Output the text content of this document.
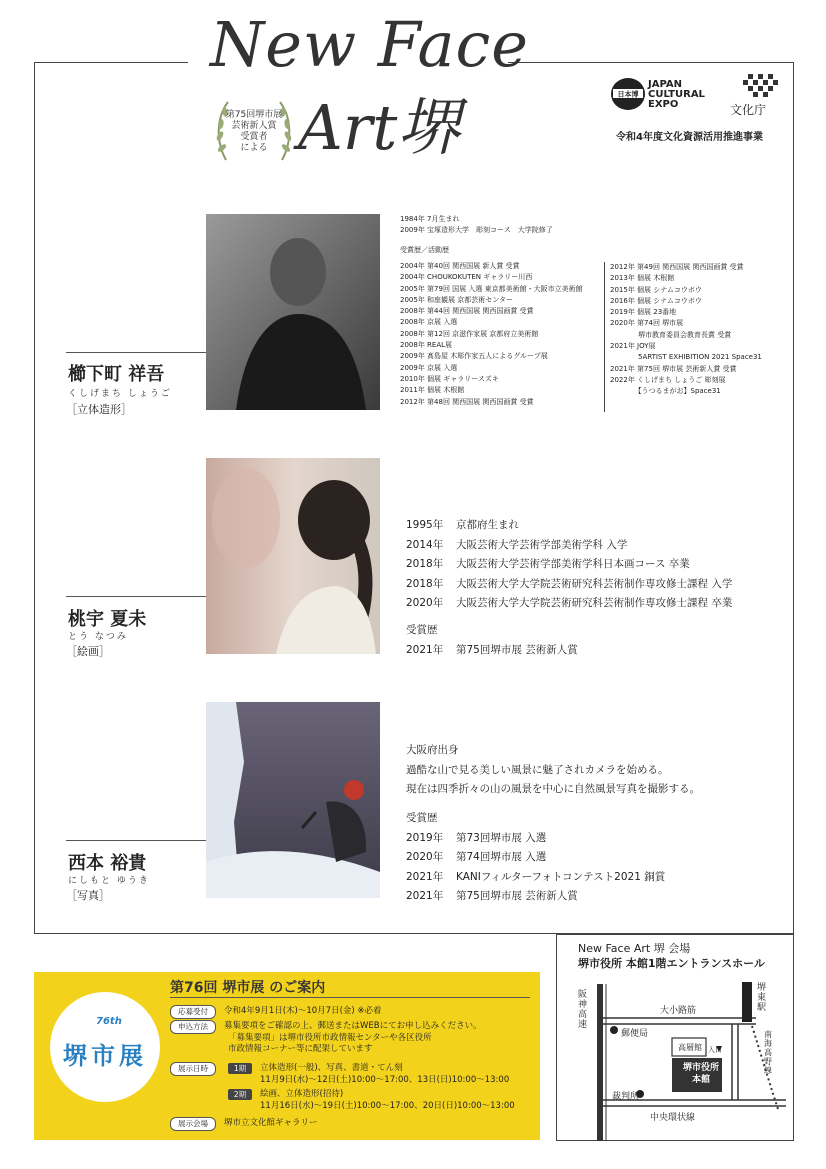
New Face
Art堺
第75回堺市展
芸術新人賞
受賞者
による
日本博
JAPAN
CULTURAL
EXPO	文化庁
令和4年度文化資源活用推進事業
櫛下町 祥吾
くしげまち しょうご
［立体造形］
1984年 7月生まれ
2009年 宝塚造形大学　彫刻コース　大学院修了
受賞歴／活動歴
2004年 第40回 関西国展 新人賞 受賞
2004年 CHOUKOKUTEN ギャラリー川西
2005年 第79回 国展 入選 東京都美術館・大阪市立美術館
2005年 和座観展 京都芸術センター
2008年 第44回 関西国展 関西国画賞 受賞
2008年 京展 入選
2008年 第12回 京滋作家展 京都府立美術館
2008年 REAL展
2009年 髙島屋 木彫作家五人によるグループ展
2009年 京展 入選
2010年 個展 ギャラリースズキ
2011年 個展 木根館
2012年 第48回 関西国展 関西国画賞 受賞
2012年 第49回 関西国展 関西国画賞 受賞
2013年 個展 木根館
2015年 個展 シナムコウボウ
2016年 個展 シナムコウボウ
2019年 個展 23番地
2020年 第74回 堺市展
　　　　堺市教育委員会教育長賞 受賞
2021年 JOY展
　　　　5ARTIST EXHIBITION 2021 Space31
2021年 第75回 堺市展 芸術新人賞 受賞
2022年 くしげまち しょうご 彫刻展
　　　　【うつるまがお】Space31
桃宇 夏未
とう なつみ
［絵画］
1995年 京都府生まれ
2014年 大阪芸術大学芸術学部美術学科 入学
2018年 大阪芸術大学芸術学部美術学科日本画コース 卒業
2018年 大阪芸術大学大学院芸術研究科芸術制作専攻修士課程 入学
2020年 大阪芸術大学大学院芸術研究科芸術制作専攻修士課程 卒業
受賞歴
2021年 第75回堺市展 芸術新人賞
西本 裕貴
にしもと ゆうき
［写真］
大阪府出身
過酷な山で見る美しい風景に魅了されカメラを始める。
現在は四季折々の山の風景を中心に自然風景写真を撮影する。
受賞歴
2019年 第73回堺市展 入選
2020年 第74回堺市展 入選
2021年 KANIフィルターフォトコンテスト2021 銅賞
2021年 第75回堺市展 芸術新人賞
76th
堺市展
第76回 堺市展 のご案内
応募受付	令和4年9月1日(木)〜10月7日(金) ※必着
申込方法	募集要項をご確認の上、郵送またはWEBにてお申し込みください。
「募集要項」は堺市役所市政情報センターや各区役所
市政情報コーナー等に配架しています
展示日時	1期	立体造形(一般)、写真、書道・てん刻
11月9日(水)〜12日(土)10:00〜17:00、13日(日)10:00〜13:00
2期	絵画、立体造形(招待)
11月16日(水)〜19日(土)10:00〜17:00、20日(日)10:00〜13:00
展示会場	堺市立文化館ギャラリー
New Face Art 堺 会場
堺市役所 本館1階エントランスホール
阪神高速
大小路筋
郵便局
堺東駅
南海高野線
高層館 入口
堺市役所
本館
裁判所
中央環状線
